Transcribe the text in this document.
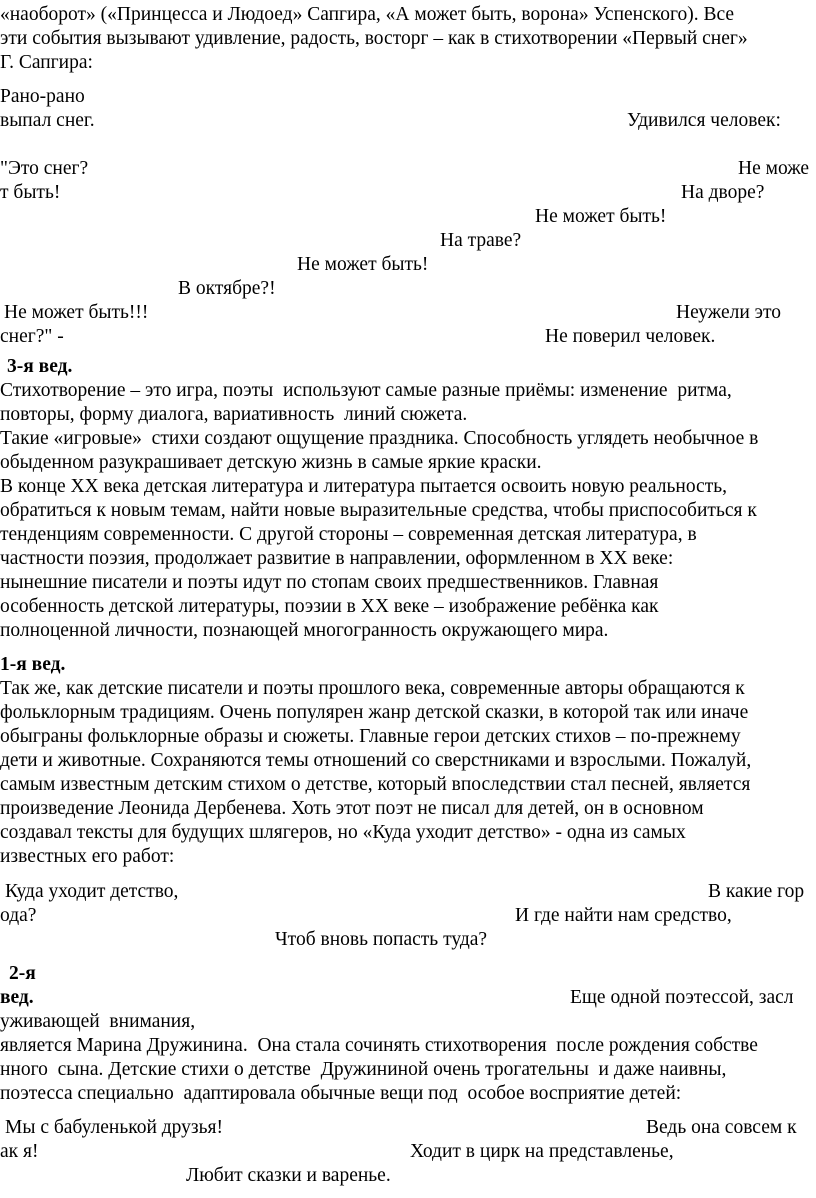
«наоборот» («Принцесса и Людоед» Сапгира, «А может быть, ворона» Успенского). Все
эти события вызывают удивление, радость, восторг – как в стихотворении «Первый снег»
Г. Сапгира:
Рано-рано
выпал снег.	Удивился человек:
"Это снег?	Не може
т быть!	На дворе?
Не может быть!
На траве?
Не может быть!
В октябре?!
Не может быть!!!	Неужели это
снег?" -	Не поверил человек.
3-я вед.
Стихотворение – это игра, поэты  используют самые разные приёмы: изменение  ритма,
повторы, форму диалога, вариативность  линий сюжета.
Такие «игровые»  стихи создают ощущение праздника. Способность углядеть необычное в
обыденном разукрашивает детскую жизнь в самые яркие краски.
В конце XX века детская литература и литература пытается освоить новую реальность,
обратиться к новым темам, найти новые выразительные средства, чтобы приспособиться к
тенденциям современности. С другой стороны – современная детская литература, в
частности поэзия, продолжает развитие в направлении, оформленном в XX веке:
нынешние писатели и поэты идут по стопам своих предшественников. Главная
особенность детской литературы, поэзии в XX веке – изображение ребёнка как
полноценной личности, познающей многогранность окружающего мира.
1-я вед.
Так же, как детские писатели и поэты прошлого века, современные авторы обращаются к
фольклорным традициям. Очень популярен жанр детской сказки, в которой так или иначе
обыграны фольклорные образы и сюжеты. Главные герои детских стихов – по-прежнему
дети и животные. Сохраняются темы отношений со сверстниками и взрослыми. Пожалуй,
самым известным детским стихом о детстве, который впоследствии стал песней, является
произведение Леонида Дербенева. Хоть этот поэт не писал для детей, он в основном
создавал тексты для будущих шлягеров, но «Куда уходит детство» - одна из самых
известных его работ:
Куда уходит детство,	В какие гор
ода?	И где найти нам средство,
Чтоб вновь попасть туда?
2-я
вед.	Еще одной поэтессой, засл
уживающей  внимания,
является Марина Дружинина.  Она стала сочинять стихотворения  после рождения собстве
нного  сына. Детские стихи о детстве  Дружининой очень трогательны  и даже наивны,
поэтесса специально  адаптировала обычные вещи под  особое восприятие детей:
Мы с бабуленькой друзья!	Ведь она совсем к
ак я!	Ходит в цирк на представленье,
Любит сказки и варенье.
